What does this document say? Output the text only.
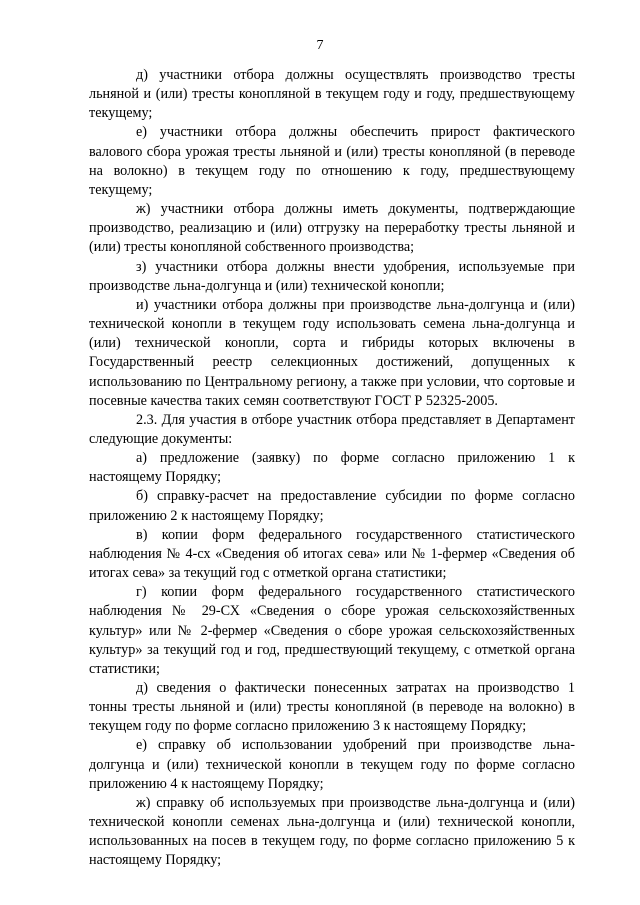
7

д) участники отбора должны осуществлять производство тресты льняной и (или) тресты конопляной в текущем году и году, предшествующему текущему;

е) участники отбора должны обеспечить прирост фактического валового сбора урожая тресты льняной и (или) тресты конопляной (в переводе на волокно) в текущем году по отношению к году, предшествующему текущему;

ж) участники отбора должны иметь документы, подтверждающие производство, реализацию и (или) отгрузку на переработку тресты льняной и (или) тресты конопляной собственного производства;

з) участники отбора должны внести удобрения, используемые при производстве льна-долгунца и (или) технической конопли;

и) участники отбора должны при производстве льна-долгунца и (или) технической конопли в текущем году использовать семена льна-долгунца и (или) технической конопли, сорта и гибриды которых включены в Государственный реестр селекционных достижений, допущенных к использованию по Центральному региону, а также при условии, что сортовые и посевные качества таких семян соответствуют ГОСТ Р 52325-2005.

2.3. Для участия в отборе участник отбора представляет в Департамент следующие документы:

а) предложение (заявку) по форме согласно приложению 1 к настоящему Порядку;

б) справку-расчет на предоставление субсидии по форме согласно приложению 2 к настоящему Порядку;

в) копии форм федерального государственного статистического наблюдения № 4-сх «Сведения об итогах сева» или № 1-фермер «Сведения об итогах сева» за текущий год с отметкой органа статистики;

г) копии форм федерального государственного статистического наблюдения № 29-СХ «Сведения о сборе урожая сельскохозяйственных культур» или № 2-фермер «Сведения о сборе урожая сельскохозяйственных культур» за текущий год и год, предшествующий текущему, с отметкой органа статистики;

д) сведения о фактически понесенных затратах на производство 1 тонны тресты льняной и (или) тресты конопляной (в переводе на волокно) в текущем году по форме согласно приложению 3 к настоящему Порядку;

е) справку об использовании удобрений при производстве льна-долгунца и (или) технической конопли в текущем году по форме согласно приложению 4 к настоящему Порядку;

ж) справку об используемых при производстве льна-долгунца и (или) технической конопли семенах льна-долгунца и (или) технической конопли, использованных на посев в текущем году, по форме согласно приложению 5 к настоящему Порядку;
